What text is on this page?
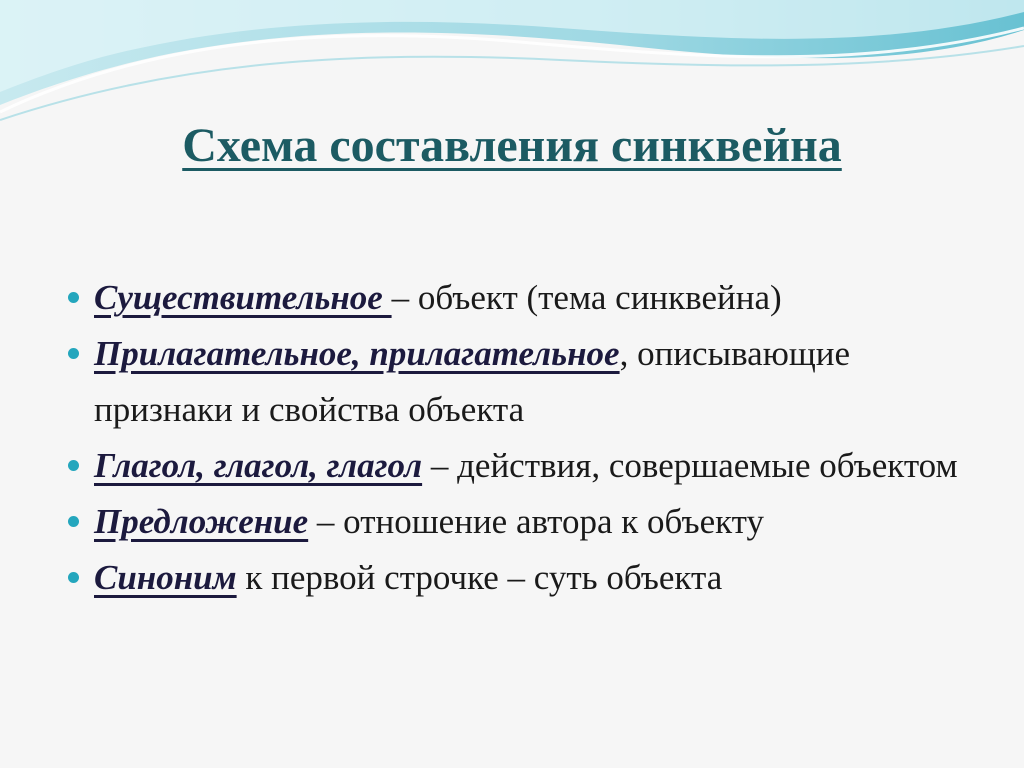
Схема составления синквейна
Существительное – объект (тема синквейна)
Прилагательное, прилагательное, описывающие признаки и свойства объекта
Глагол, глагол, глагол – действия, совершаемые объектом
Предложение – отношение автора к объекту
Синоним к первой строчке – суть объекта
